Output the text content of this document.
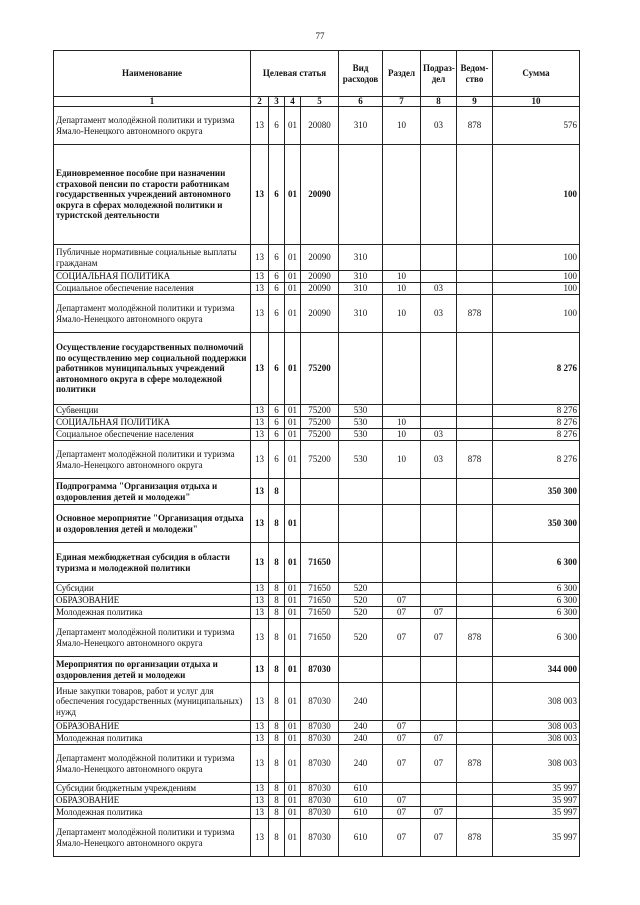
77
Наименование	Целевая статья				Вид расходов	Раздел	Подраз-дел	Ведом-ство	Сумма
1	2	3	4	5	6	7	8	9	10
Департамент молодёжной политики и туризма Ямало-Ненецкого автономного округа	13	6	01	20080	310	10	03	878	576
Единовременное пособие при назначении страховой пенсии по старости работникам государственных учреждений автономного округа в сферах молодежной политики и туристской деятельности	13	6	01	20090					100
Публичные нормативные социальные выплаты гражданам	13	6	01	20090	310				100
СОЦИАЛЬНАЯ ПОЛИТИКА	13	6	01	20090	310	10			100
Социальное обеспечение населения	13	6	01	20090	310	10	03		100
Департамент молодёжной политики и туризма Ямало-Ненецкого автономного округа	13	6	01	20090	310	10	03	878	100
Осуществление государственных полномочий по осуществлению мер социальной поддержки работников муниципальных учреждений автономного округа в сфере молодежной политики	13	6	01	75200					8 276
Субвенции	13	6	01	75200	530				8 276
СОЦИАЛЬНАЯ ПОЛИТИКА	13	6	01	75200	530	10			8 276
Социальное обеспечение населения	13	6	01	75200	530	10	03		8 276
Департамент молодёжной политики и туризма Ямало-Ненецкого автономного округа	13	6	01	75200	530	10	03	878	8 276
Подпрограмма "Организация отдыха и оздоровления детей и молодежи"	13	8							350 300
Основное мероприятие "Организация отдыха и оздоровления детей и молодежи"	13	8	01						350 300
Единая межбюджетная субсидия в области туризма и молодежной политики	13	8	01	71650					6 300
Субсидии	13	8	01	71650	520				6 300
ОБРАЗОВАНИЕ	13	8	01	71650	520	07			6 300
Молодежная политика	13	8	01	71650	520	07	07		6 300
Департамент молодёжной политики и туризма Ямало-Ненецкого автономного округа	13	8	01	71650	520	07	07	878	6 300
Мероприятия по организации отдыха и оздоровления детей и молодежи	13	8	01	87030					344 000
Иные закупки товаров, работ и услуг для обеспечения государственных (муниципальных) нужд	13	8	01	87030	240				308 003
ОБРАЗОВАНИЕ	13	8	01	87030	240	07			308 003
Молодежная политика	13	8	01	87030	240	07	07		308 003
Департамент молодёжной политики и туризма Ямало-Ненецкого автономного округа	13	8	01	87030	240	07	07	878	308 003
Субсидии бюджетным учреждениям	13	8	01	87030	610				35 997
ОБРАЗОВАНИЕ	13	8	01	87030	610	07			35 997
Молодежная политика	13	8	01	87030	610	07	07		35 997
Департамент молодёжной политики и туризма Ямало-Ненецкого автономного округа	13	8	01	87030	610	07	07	878	35 997
